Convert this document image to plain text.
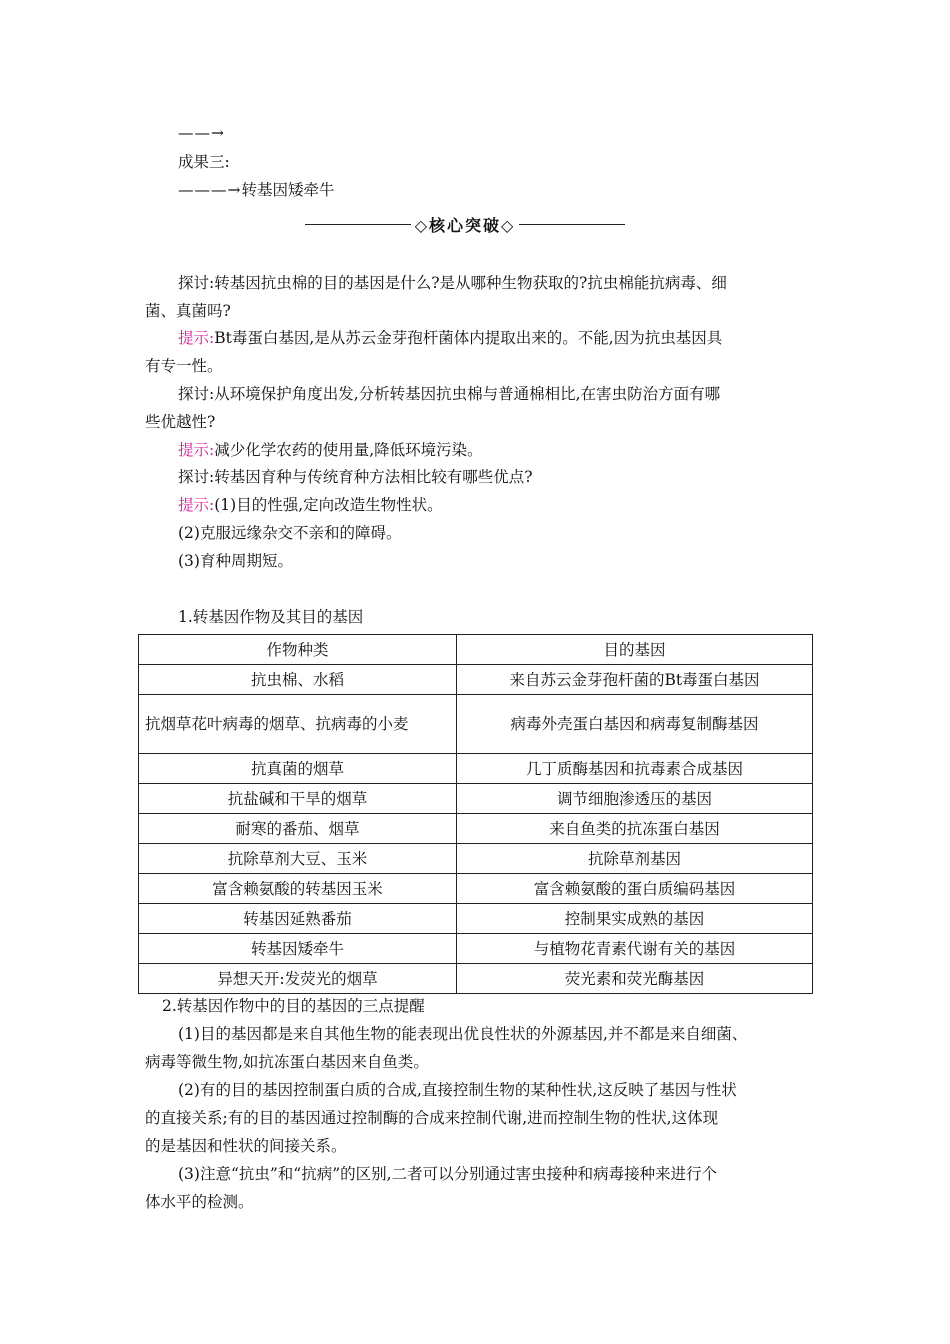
——→
成果三:
———→转基因矮牵牛
◇核心突破◇
探讨:转基因抗虫棉的目的基因是什么?是从哪种生物获取的?抗虫棉能抗病毒、细
菌、真菌吗?
提示:Bt毒蛋白基因,是从苏云金芽孢杆菌体内提取出来的。不能,因为抗虫基因具
有专一性。
探讨:从环境保护角度出发,分析转基因抗虫棉与普通棉相比,在害虫防治方面有哪
些优越性?
提示:减少化学农药的使用量,降低环境污染。
探讨:转基因育种与传统育种方法相比较有哪些优点?
提示:(1)目的性强,定向改造生物性状。
(2)克服远缘杂交不亲和的障碍。
(3)育种周期短。
1.转基因作物及其目的基因
作物种类	目的基因
抗虫棉、水稻	来自苏云金芽孢杆菌的Bt毒蛋白基因
抗烟草花叶病毒的烟草、抗病毒的小麦	病毒外壳蛋白基因和病毒复制酶基因
抗真菌的烟草	几丁质酶基因和抗毒素合成基因
抗盐碱和干旱的烟草	调节细胞渗透压的基因
耐寒的番茄、烟草	来自鱼类的抗冻蛋白基因
抗除草剂大豆、玉米	抗除草剂基因
富含赖氨酸的转基因玉米	富含赖氨酸的蛋白质编码基因
转基因延熟番茄	控制果实成熟的基因
转基因矮牵牛	与植物花青素代谢有关的基因
异想天开:发荧光的烟草	荧光素和荧光酶基因
2.转基因作物中的目的基因的三点提醒
(1)目的基因都是来自其他生物的能表现出优良性状的外源基因,并不都是来自细菌、
病毒等微生物,如抗冻蛋白基因来自鱼类。
(2)有的目的基因控制蛋白质的合成,直接控制生物的某种性状,这反映了基因与性状
的直接关系;有的目的基因通过控制酶的合成来控制代谢,进而控制生物的性状,这体现
的是基因和性状的间接关系。
(3)注意“抗虫”和“抗病”的区别,二者可以分别通过害虫接种和病毒接种来进行个
体水平的检测。
